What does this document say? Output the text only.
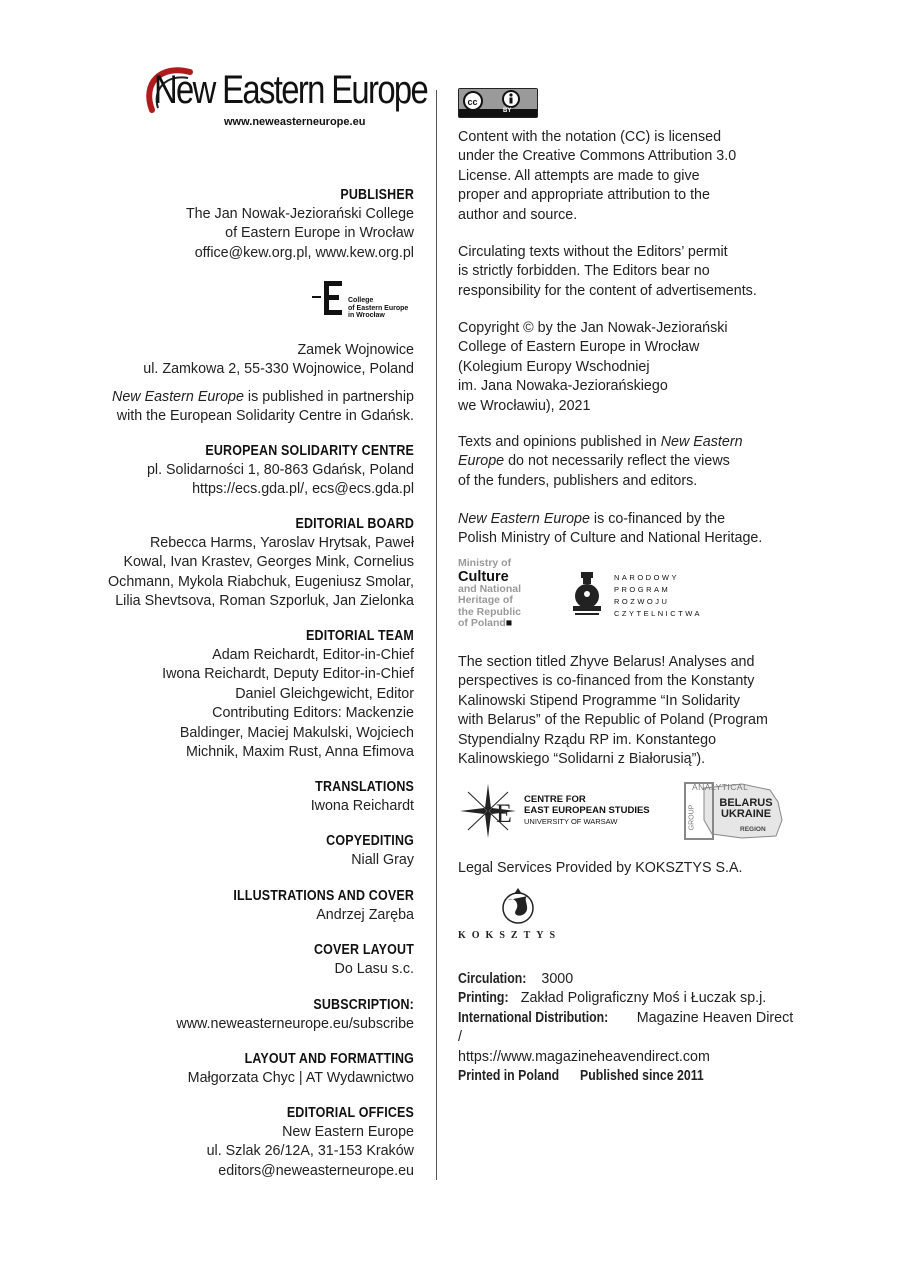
New Eastern Europe
www.neweasterneurope.eu
PUBLISHER
The Jan Nowak-Jeziorański College
of Eastern Europe in Wrocław
office@kew.org.pl, www.kew.org.pl
College
of Eastern Europe
in Wrocław
Zamek Wojnowice
ul. Zamkowa 2, 55-330 Wojnowice, Poland
New Eastern Europe is published in partnership
with the European Solidarity Centre in Gdańsk.
EUROPEAN SOLIDARITY CENTRE
pl. Solidarności 1, 80-863 Gdańsk, Poland
https://ecs.gda.pl/, ecs@ecs.gda.pl
EDITORIAL BOARD
Rebecca Harms, Yaroslav Hrytsak, Paweł
Kowal, Ivan Krastev, Georges Mink, Cornelius
Ochmann, Mykola Riabchuk, Eugeniusz Smolar,
Lilia Shevtsova, Roman Szporluk, Jan Zielonka
EDITORIAL TEAM
Adam Reichardt, Editor-in-Chief
Iwona Reichardt, Deputy Editor-in-Chief
Daniel Gleichgewicht, Editor
Contributing Editors: Mackenzie
Baldinger, Maciej Makulski, Wojciech
Michnik, Maxim Rust, Anna Efimova
TRANSLATIONS
Iwona Reichardt
COPYEDITING
Niall Gray
ILLUSTRATIONS AND COVER
Andrzej Zaręba
COVER LAYOUT
Do Lasu s.c.
SUBSCRIPTION:
www.neweasterneurope.eu/subscribe
LAYOUT AND FORMATTING
Małgorzata Chyc | AT Wydawnictwo
EDITORIAL OFFICES
New Eastern Europe
ul. Szlak 26/12A, 31-153 Kraków
editors@neweasterneurope.eu
cc
BY
Content with the notation (CC) is licensed
under the Creative Commons Attribution 3.0
License. All attempts are made to give
proper and appropriate attribution to the
author and source.
Circulating texts without the Editors’ permit
is strictly forbidden. The Editors bear no
responsibility for the content of advertisements.
Copyright © by the Jan Nowak-Jeziorański
College of Eastern Europe in Wrocław
(Kolegium Europy Wschodniej
im. Jana Nowaka-Jeziorańskiego
we Wrocławiu), 2021
Texts and opinions published in New Eastern
Europe do not necessarily reflect the views
of the funders, publishers and editors.
New Eastern Europe is co-financed by the
Polish Ministry of Culture and National Heritage.
Ministry of
Culture
and National
Heritage of
the Republic
of Poland■
NARODOWY
PROGRAM
ROZWOJU
CZYTELNICTWA
The section titled Zhyve Belarus! Analyses and
perspectives is co-financed from the Konstanty
Kalinowski Stipend Programme “In Solidarity
with Belarus” of the Republic of Poland (Program
Stypendialny Rządu RP im. Konstantego
Kalinowskiego “Solidarni z Białorusią”).
E CENTRE FOR
EAST EUROPEAN STUDIES
UNIVERSITY OF WARSAW
ANALYTICAL
GROUP
BELARUS
UKRAINE
REGION
Legal Services Provided by KOKSZTYS S.A.
KOKSZTYS
Circulation: 3000
Printing: Zakład Poligraficzny Moś i Łuczak sp.j.
International Distribution: Magazine Heaven Direct /
https://www.magazineheavendirect.com
Printed in Poland Published since 2011
